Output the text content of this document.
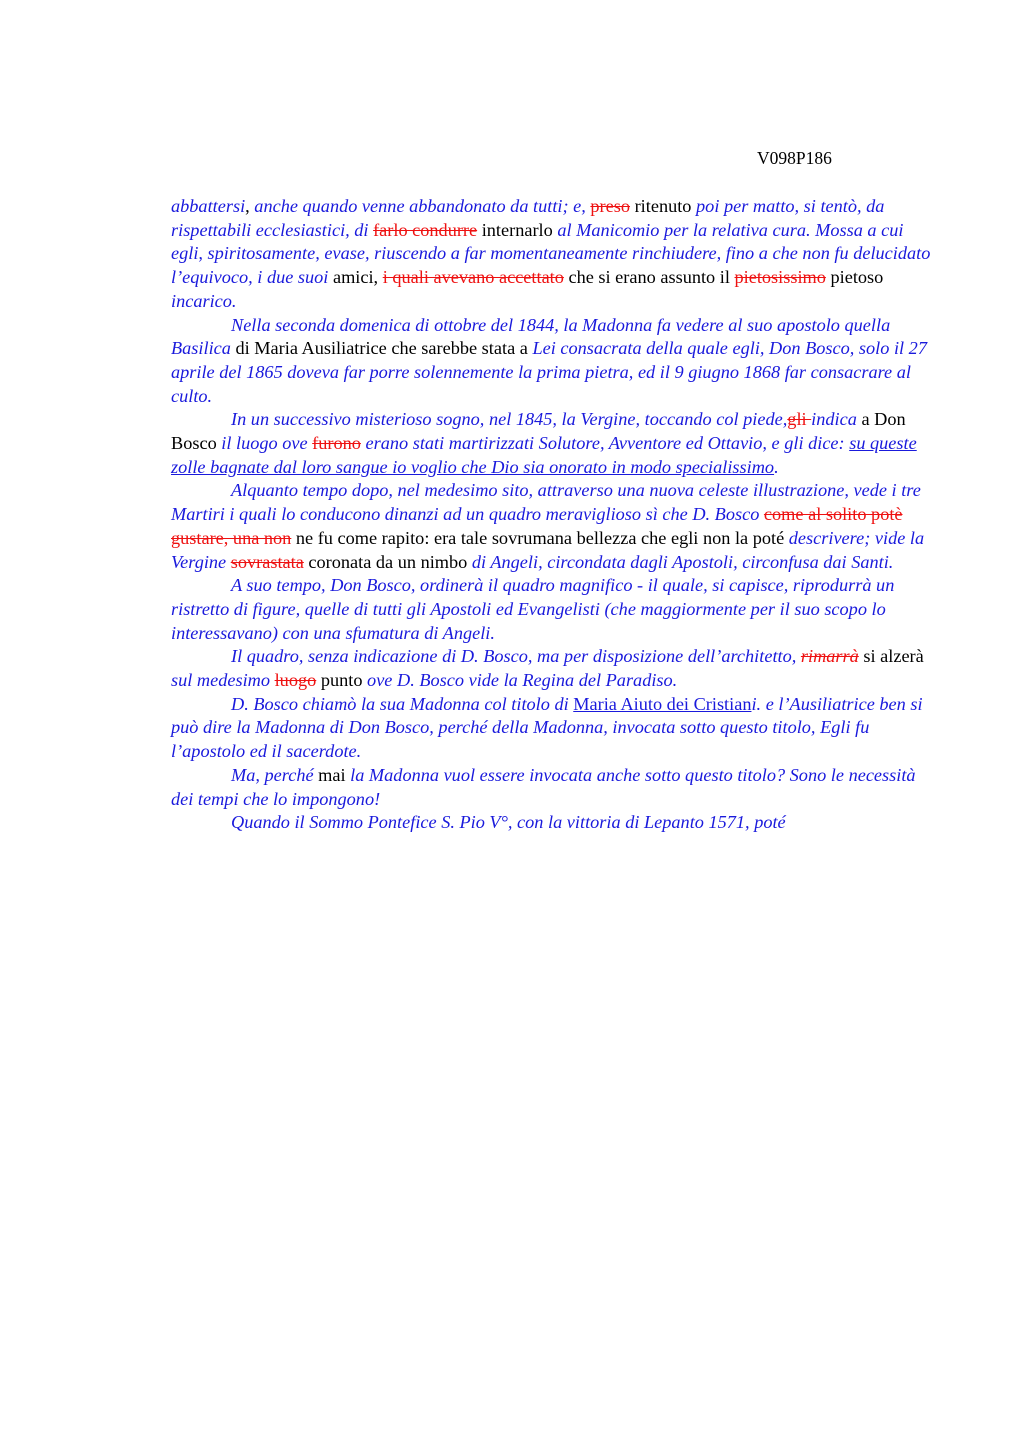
V098P186

abbattersi, anche quando venne abbandonato da tutti; e, preso ritenuto poi per matto, si tentò, da rispettabili ecclesiastici, di farlo condurre internarlo al Manicomio per la relativa cura. Mossa a cui egli, spiritosamente, evase, riuscendo a far momentaneamente rinchiudere, fino a che non fu delucidato l’equivoco, i due suoi amici, i quali avevano accettato che si erano assunto il pietosissimo pietoso incarico.

Nella seconda domenica di ottobre del 1844, la Madonna fa vedere al suo apostolo quella Basilica di Maria Ausiliatrice che sarebbe stata a Lei consacrata della quale egli, Don Bosco, solo il 27 aprile del 1865 doveva far porre solennemente la prima pietra, ed il 9 giugno 1868 far consacrare al culto.

In un successivo misterioso sogno, nel 1845, la Vergine, toccando col piede,gli indica a Don Bosco il luogo ove furono erano stati martirizzati Solutore, Avventore ed Ottavio, e gli dice: su queste zolle bagnate dal loro sangue io voglio che Dio sia onorato in modo specialissimo.

Alquanto tempo dopo, nel medesimo sito, attraverso una nuova celeste illustrazione, vede i tre Martiri i quali lo conducono dinanzi ad un quadro meraviglioso sì che D. Bosco come al solito potè gustare, una non ne fu come rapito: era tale sovrumana bellezza che egli non la poté descrivere; vide la Vergine sovrastata coronata da un nimbo di Angeli, circondata dagli Apostoli, circonfusa dai Santi.

A suo tempo, Don Bosco, ordinerà il quadro magnifico - il quale, si capisce, riprodurrà un ristretto di figure, quelle di tutti gli Apostoli ed Evangelisti (che maggiormente per il suo scopo lo interessavano) con una sfumatura di Angeli.

Il quadro, senza indicazione di D. Bosco, ma per disposizione dell’architetto, rimarrà si alzerà sul medesimo luogo punto ove D. Bosco vide la Regina del Paradiso.

D. Bosco chiamò la sua Madonna col titolo di Maria Aiuto dei Cristiani. e l’Ausiliatrice ben si può dire la Madonna di Don Bosco, perché della Madonna, invocata sotto questo titolo, Egli fu l’apostolo ed il sacerdote.

Ma, perché mai la Madonna vuol essere invocata anche sotto questo titolo? Sono le necessità dei tempi che lo impongono!

Quando il Sommo Pontefice S. Pio V°, con la vittoria di Lepanto 1571, poté
